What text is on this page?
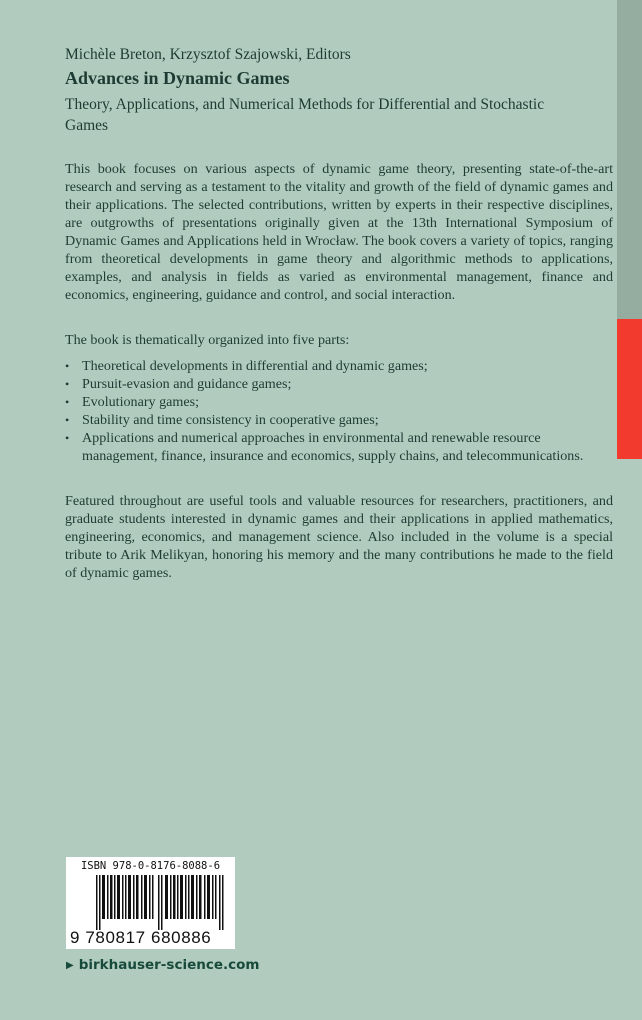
Michèle Breton, Krzysztof Szajowski, Editors
Advances in Dynamic Games
Theory, Applications, and Numerical Methods for Differential and Stochastic Games

This book focuses on various aspects of dynamic game theory, presenting state-of-the-art research and serving as a testament to the vitality and growth of the field of dynamic games and their applications. The selected contributions, written by experts in their respective disciplines, are outgrowths of presentations originally given at the 13th International Symposium of Dynamic Games and Applications held in Wrocław. The book covers a variety of topics, ranging from theoretical developments in game theory and algorithmic methods to applications, examples, and analysis in fields as varied as environmental management, finance and economics, engineering, guidance and control, and social interaction.

The book is thematically organized into five parts:

• Theoretical developments in differential and dynamic games;
• Pursuit-evasion and guidance games;
• Evolutionary games;
• Stability and time consistency in cooperative games;
• Applications and numerical approaches in environmental and renewable resource management, finance, insurance and economics, supply chains, and telecommunications.

Featured throughout are useful tools and valuable resources for researchers, practitioners, and graduate students interested in dynamic games and their applications in applied mathematics, engineering, economics, and management science. Also included in the volume is a special tribute to Arik Melikyan, honoring his memory and the many contributions he made to the field of dynamic games.

ISBN 978-0-8176-8088-6
9 780817 680886
▶ birkhauser-science.com
